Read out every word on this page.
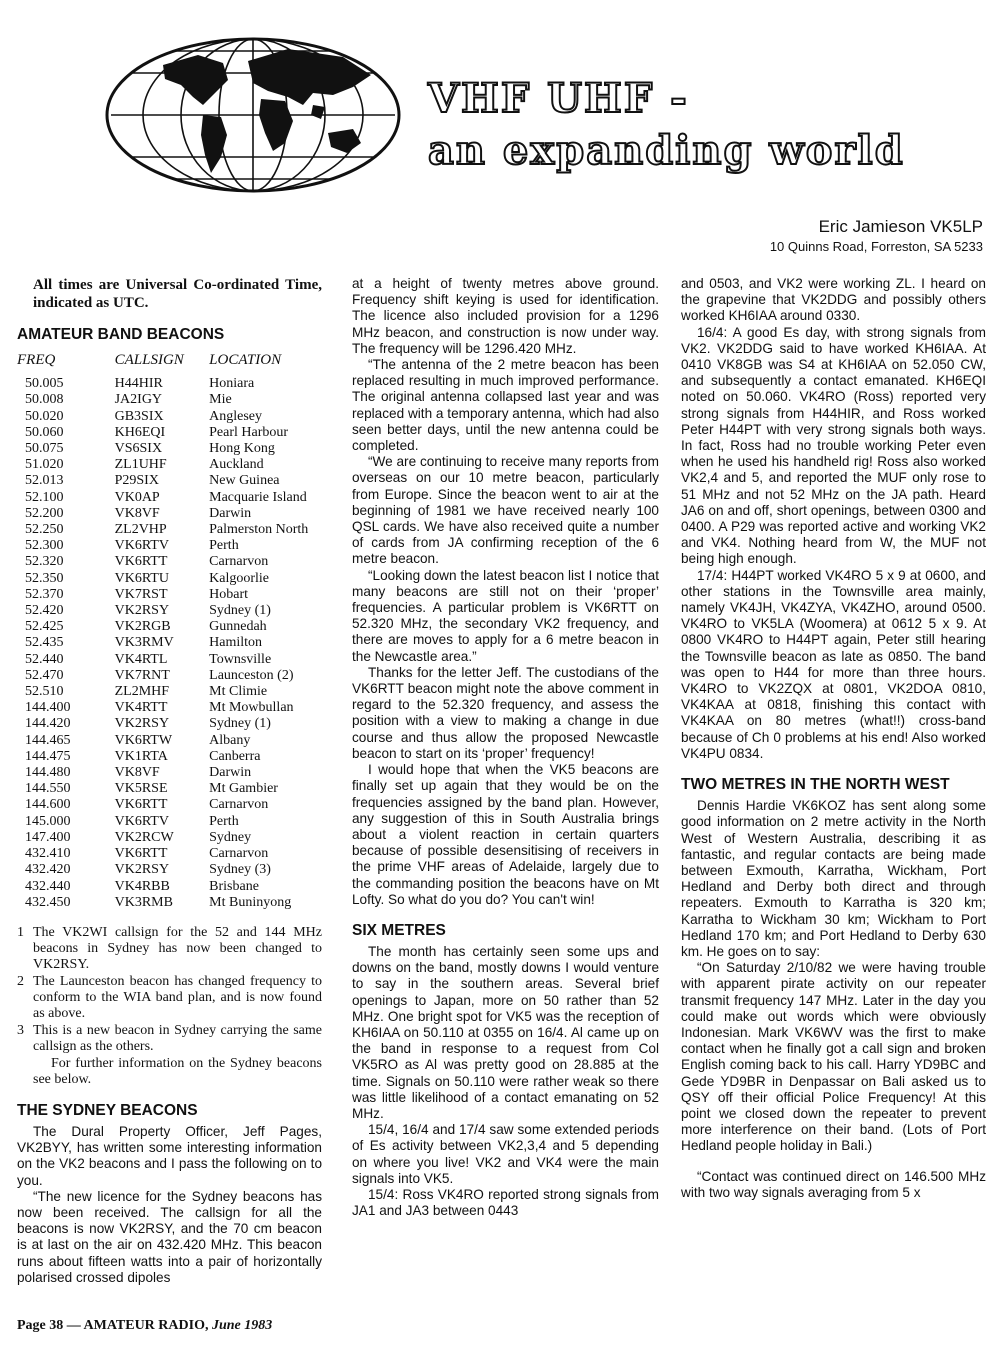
VHF UHF -
an expanding world
Eric Jamieson VK5LP
10 Quinns Road, Forreston, SA 5233
All times are Universal Co-ordinated Time, indicated as UTC.
AMATEUR BAND BEACONS
FREQ	CALLSIGN	LOCATION
50.005	H44HIR	Honiara
50.008	JA2IGY	Mie
50.020	GB3SIX	Anglesey
50.060	KH6EQI	Pearl Harbour
50.075	VS6SIX	Hong Kong
51.020	ZL1UHF	Auckland
52.013	P29SIX	New Guinea
52.100	VK0AP	Macquarie Island
52.200	VK8VF	Darwin
52.250	ZL2VHP	Palmerston North
52.300	VK6RTV	Perth
52.320	VK6RTT	Carnarvon
52.350	VK6RTU	Kalgoorlie
52.370	VK7RST	Hobart
52.420	VK2RSY	Sydney (1)
52.425	VK2RGB	Gunnedah
52.435	VK3RMV	Hamilton
52.440	VK4RTL	Townsville
52.470	VK7RNT	Launceston (2)
52.510	ZL2MHF	Mt Climie
144.400	VK4RTT	Mt Mowbullan
144.420	VK2RSY	Sydney (1)
144.465	VK6RTW	Albany
144.475	VK1RTA	Canberra
144.480	VK8VF	Darwin
144.550	VK5RSE	Mt Gambier
144.600	VK6RTT	Carnarvon
145.000	VK6RTV	Perth
147.400	VK2RCW	Sydney
432.410	VK6RTT	Carnarvon
432.420	VK2RSY	Sydney (3)
432.440	VK4RBB	Brisbane
432.450	VK3RMB	Mt Buninyong
1 The VK2WI callsign for the 52 and 144 MHz beacons in Sydney has now been changed to VK2RSY.
2 The Launceston beacon has changed frequency to conform to the WIA band plan, and is now found as above.
3 This is a new beacon in Sydney carrying the same callsign as the others.
For further information on the Sydney beacons see below.
THE SYDNEY BEACONS

The Dural Property Officer, Jeff Pages, VK2BYY, has written some interesting information on the VK2 beacons and I pass the following on to you.

“The new licence for the Sydney beacons has now been received. The callsign for all the beacons is now VK2RSY, and the 70 cm beacon is at last on the air on 432.420 MHz. This beacon runs about fifteen watts into a pair of horizontally polarised crossed dipoles

at a height of twenty metres above ground. Frequency shift keying is used for identification. The licence also included provision for a 1296 MHz beacon, and construction is now under way. The frequency will be 1296.420 MHz.

“The antenna of the 2 metre beacon has been replaced resulting in much improved performance. The original antenna collapsed last year and was replaced with a temporary antenna, which had also seen better days, until the new antenna could be completed.

“We are continuing to receive many reports from overseas on our 10 metre beacon, particularly from Europe. Since the beacon went to air at the beginning of 1981 we have received nearly 100 QSL cards. We have also received quite a number of cards from JA confirming reception of the 6 metre beacon.

“Looking down the latest beacon list I notice that many beacons are still not on their ‘proper’ frequencies. A particular problem is VK6RTT on 52.320 MHz, the secondary VK2 frequency, and there are moves to apply for a 6 metre beacon in the Newcastle area.”

Thanks for the letter Jeff. The custodians of the VK6RTT beacon might note the above comment in regard to the 52.320 frequency, and assess the position with a view to making a change in due course and thus allow the proposed Newcastle beacon to start on its ‘proper’ frequency!

I would hope that when the VK5 beacons are finally set up again that they would be on the frequencies assigned by the band plan. However, any suggestion of this in South Australia brings about a violent reaction in certain quarters because of possible desensitising of receivers in the prime VHF areas of Adelaide, largely due to the commanding position the beacons have on Mt Lofty. So what do you do? You can't win!

SIX METRES

The month has certainly seen some ups and downs on the band, mostly downs I would venture to say in the southern areas. Several brief openings to Japan, more on 50 rather than 52 MHz. One bright spot for VK5 was the reception of KH6IAA on 50.110 at 0355 on 16/4. Al came up on the band in response to a request from Col VK5RO as Al was pretty good on 28.885 at the time. Signals on 50.110 were rather weak so there was little likelihood of a contact emanating on 52 MHz.

15/4, 16/4 and 17/4 saw some extended periods of Es activity between VK2,3,4 and 5 depending on where you live! VK2 and VK4 were the main signals into VK5.

15/4: Ross VK4RO reported strong signals from JA1 and JA3 between 0443

and 0503, and VK2 were working ZL. I heard on the grapevine that VK2DDG and possibly others worked KH6IAA around 0330.

16/4: A good Es day, with strong signals from VK2. VK2DDG said to have worked KH6IAA. At 0410 VK8GB was S4 at KH6IAA on 52.050 CW, and subsequently a contact emanated. KH6EQI noted on 50.060. VK4RO (Ross) reported very strong signals from H44HIR, and Ross worked Peter H44PT with very strong signals both ways. In fact, Ross had no trouble working Peter even when he used his handheld rig! Ross also worked VK2,4 and 5, and reported the MUF only rose to 51 MHz and not 52 MHz on the JA path. Heard JA6 on and off, short openings, between 0300 and 0400. A P29 was reported active and working VK2 and VK4. Nothing heard from W, the MUF not being high enough.

17/4: H44PT worked VK4RO 5 x 9 at 0600, and other stations in the Townsville area mainly, namely VK4JH, VK4ZYA, VK4ZHO, around 0500. VK4RO to VK5LA (Woomera) at 0612 5 x 9. At 0800 VK4RO to H44PT again, Peter still hearing the Townsville beacon as late as 0850. The band was open to H44 for more than three hours. VK4RO to VK2ZQX at 0801, VK2DOA 0810, VK4KAA at 0818, finishing this contact with VK4KAA on 80 metres (what!!) cross-band because of Ch 0 problems at his end! Also worked VK4PU 0834.

TWO METRES IN THE NORTH WEST

Dennis Hardie VK6KOZ has sent along some good information on 2 metre activity in the North West of Western Australia, describing it as fantastic, and regular contacts are being made between Exmouth, Karratha, Wickham, Port Hedland and Derby both direct and through repeaters. Exmouth to Karratha is 320 km; Karratha to Wickham 30 km; Wickham to Port Hedland 170 km; and Port Hedland to Derby 630 km. He goes on to say:

“On Saturday 2/10/82 we were having trouble with apparent pirate activity on our repeater transmit frequency 147 MHz. Later in the day you could make out words which were obviously Indonesian. Mark VK6WV was the first to make contact when he finally got a call sign and broken English coming back to his call. Harry YD9BC and Gede YD9BR in Denpassar on Bali asked us to QSY off their official Police Frequency! At this point we closed down the repeater to prevent more interference on their band. (Lots of Port Hedland people holiday in Bali.)

“Contact was continued direct on 146.500 MHz with two way signals averaging from 5 x

Page 38 — AMATEUR RADIO, June 1983
